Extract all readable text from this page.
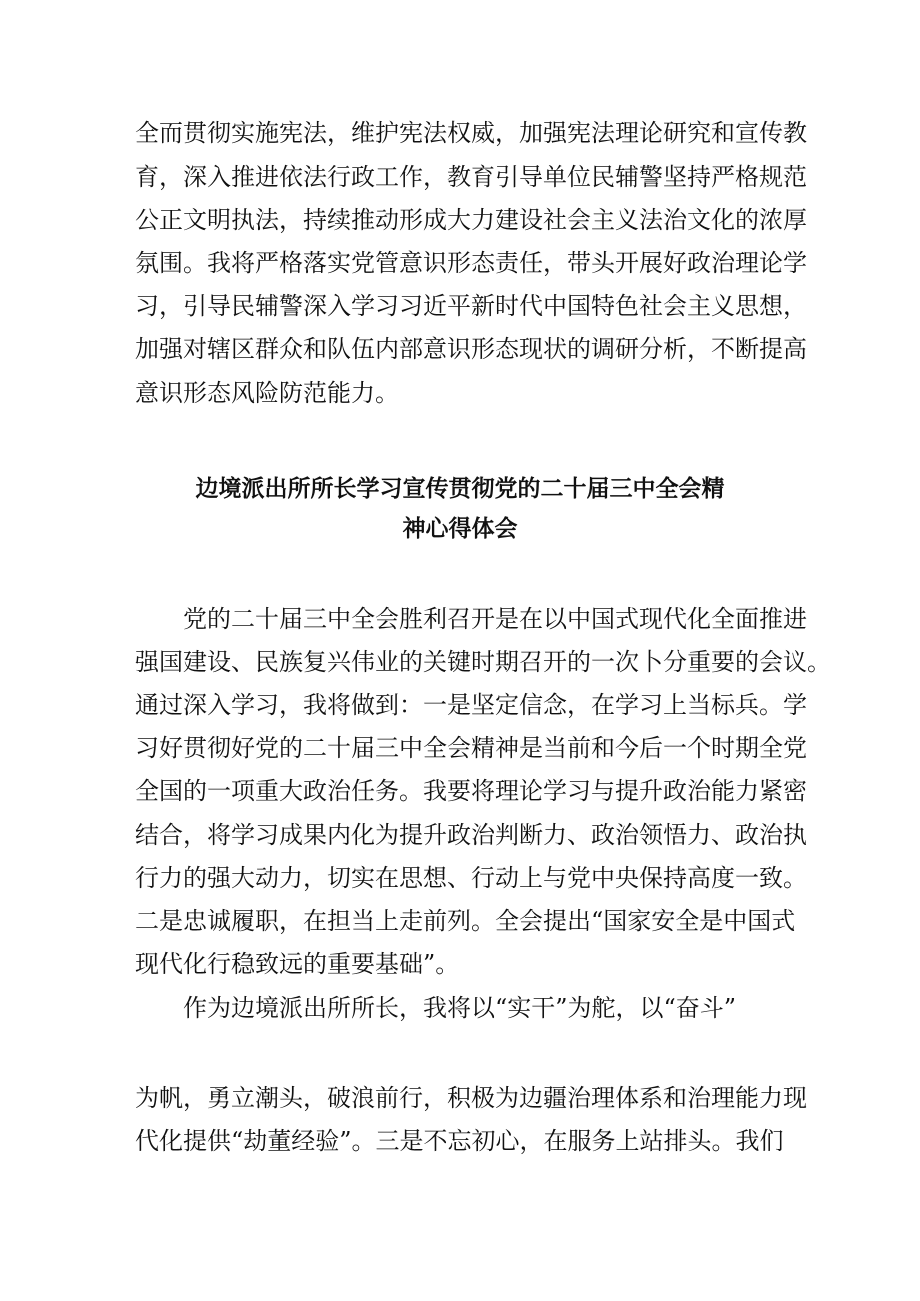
全而贯彻实施宪法，维护宪法权威，加强宪法理论研究和宣传教
育，深入推进依法行政工作，教育引导单位民辅警坚持严格规范
公正文明执法，持续推动形成大力建设社会主义法治文化的浓厚
氛围。我将严格落实党管意识形态责任，带头开展好政治理论学
习，引导民辅警深入学习习近平新时代中国特色社会主义思想，
加强对辖区群众和队伍内部意识形态现状的调研分析，不断提高
意识形态风险防范能力。
边境派出所所长学习宣传贯彻党的二十届三中全会精
神心得体会
党的二十届三中全会胜利召开是在以中国式现代化全面推进
强国建设、民族复兴伟业的关键时期召开的一次卜分重要的会议。
通过深入学习，我将做到：一是坚定信念，在学习上当标兵。学
习好贯彻好党的二十届三中全会精神是当前和今后一个时期全党
全国的一项重大政治任务。我要将理论学习与提升政治能力紧密
结合，将学习成果内化为提升政治判断力、政治领悟力、政治执
行力的强大动力，切实在思想、行动上与党中央保持高度一致。
二是忠诚履职，在担当上走前列。全会提出“国家安全是中国式
现代化行稳致远的重要基础”。
作为边境派出所所长，我将以“实干”为舵，以“奋斗”
为帆，勇立潮头，破浪前行，积极为边疆治理体系和治理能力现
代化提供“劫董经验”。三是不忘初心，在服务上站排头。我们
